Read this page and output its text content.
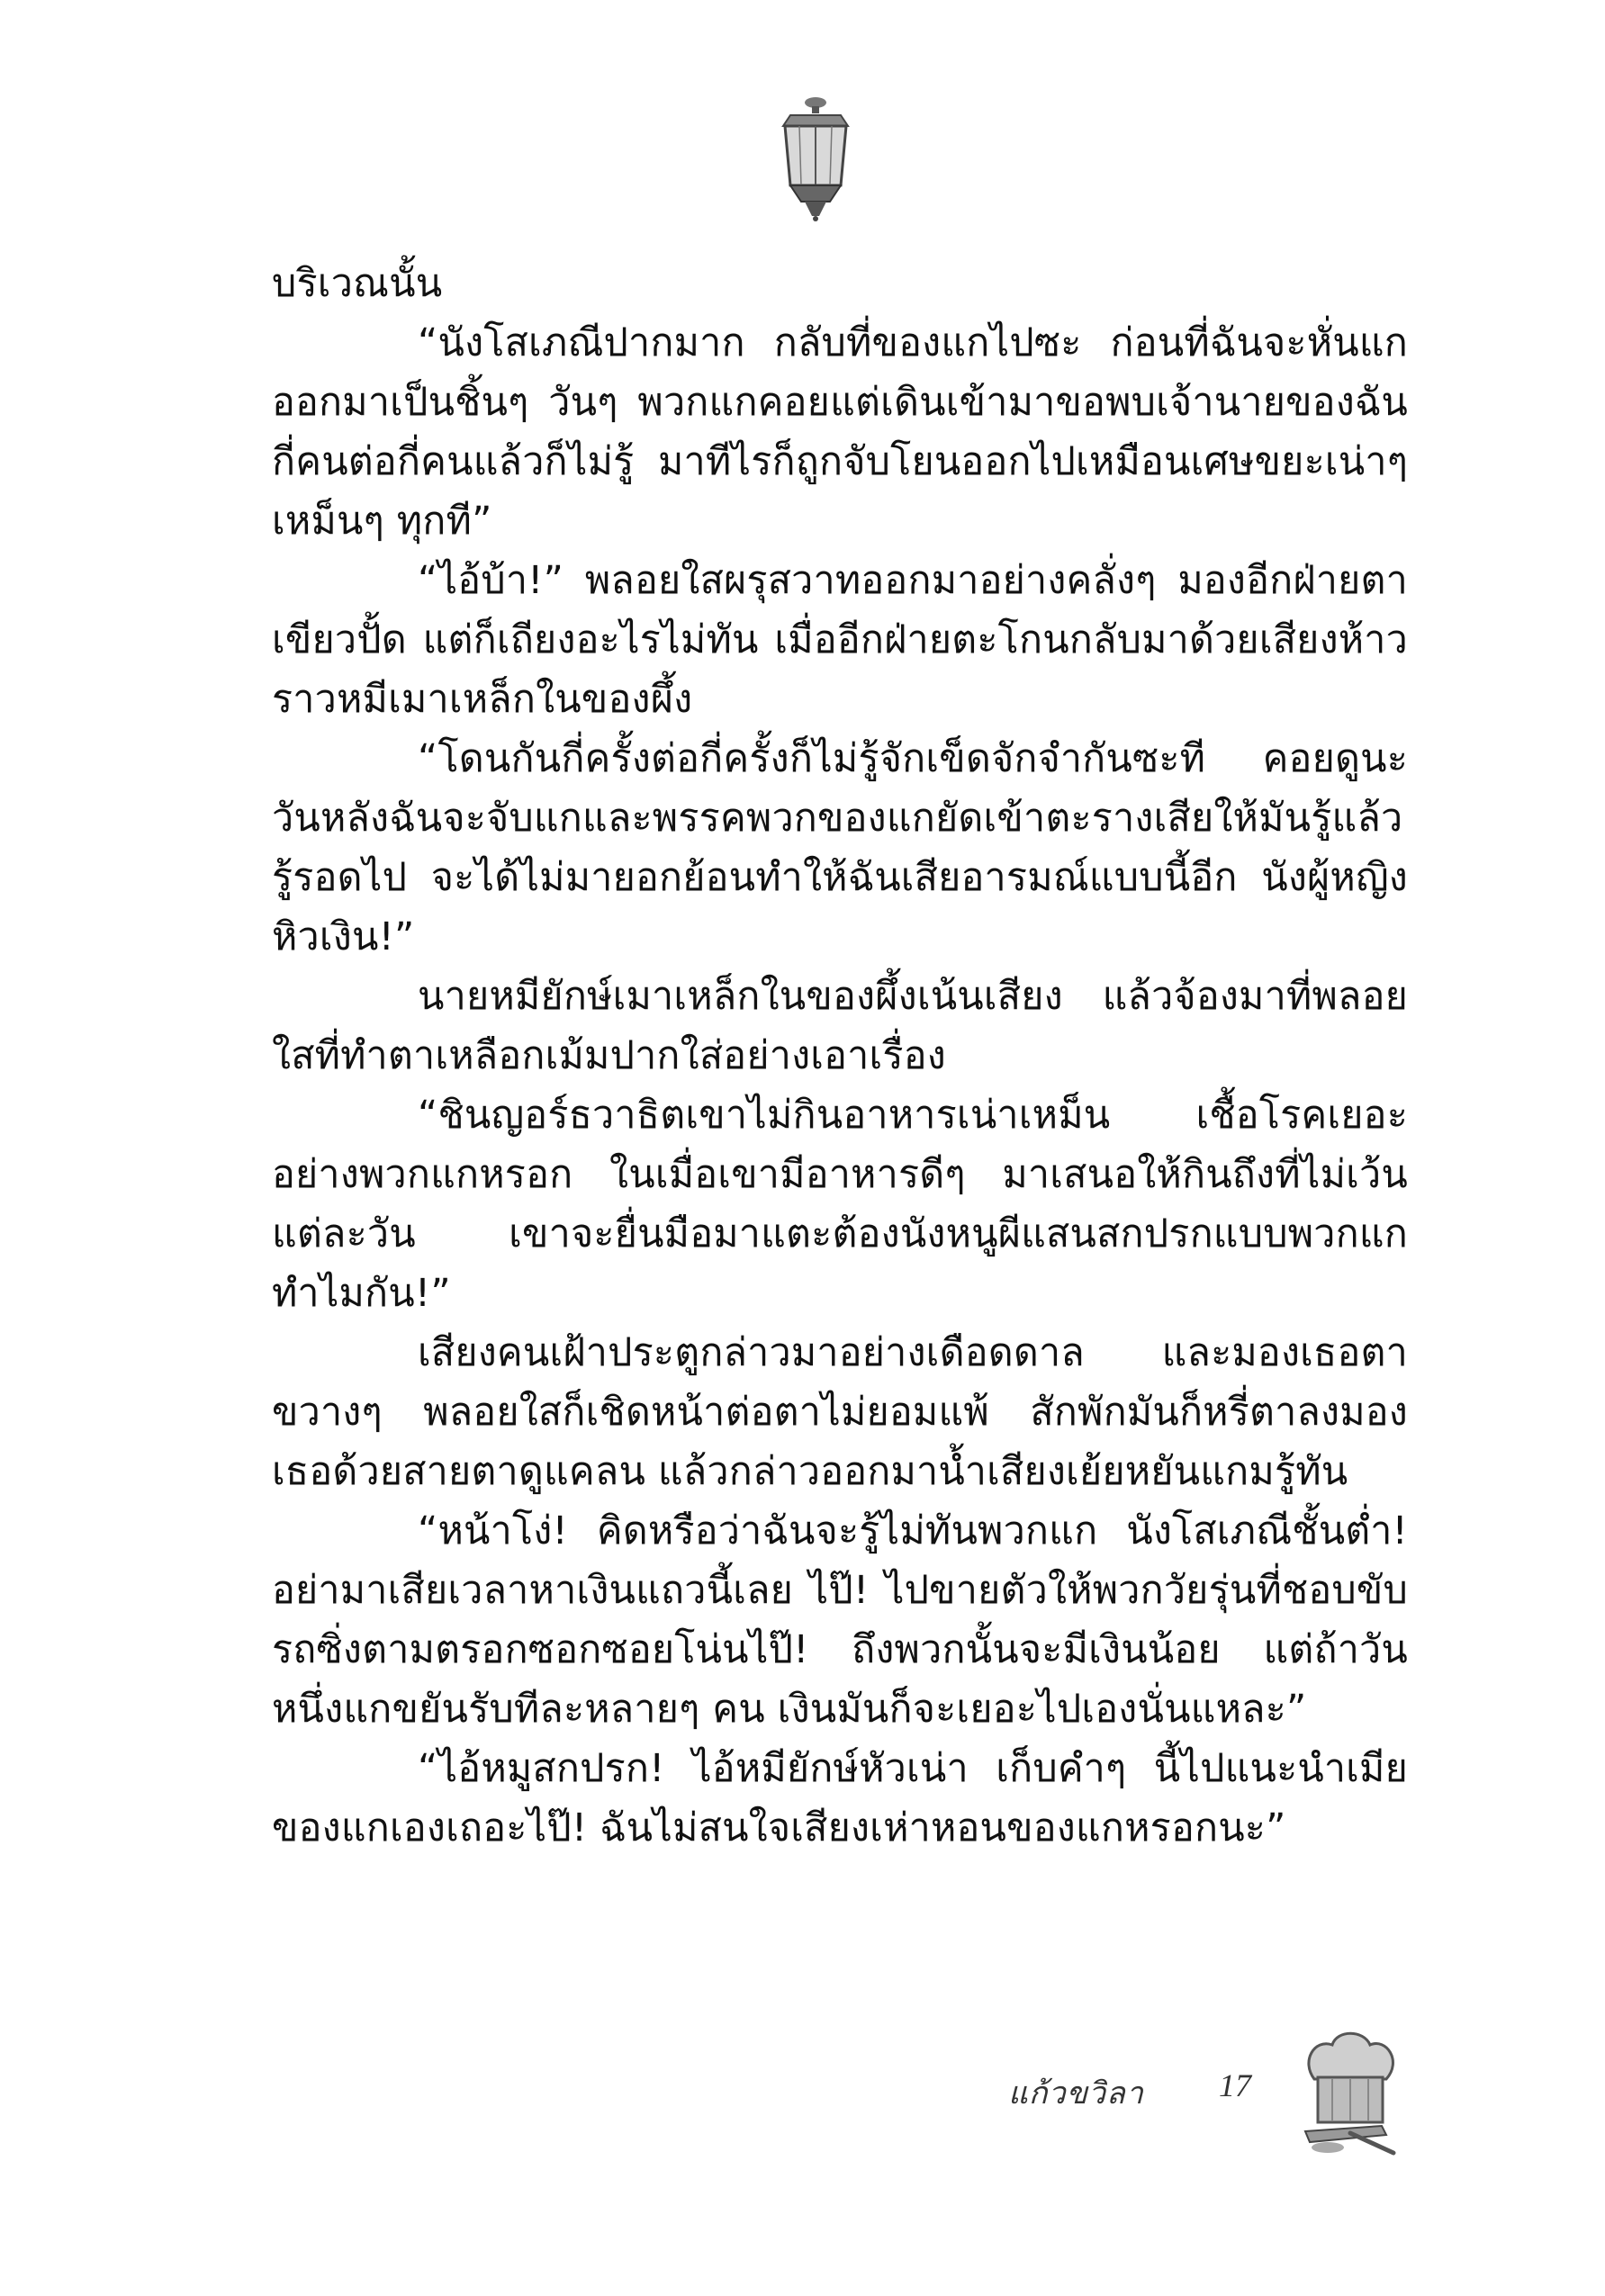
บริเวณนั้น

“นังโสเภณีปากมาก กลับที่ของแกไปซะ ก่อนที่ฉันจะหั่นแกออกมาเป็นชิ้นๆ วันๆ พวกแกคอยแต่เดินเข้ามาขอพบเจ้านายของฉันกี่คนต่อกี่คนแล้วก็ไม่รู้ มาทีไรก็ถูกจับโยนออกไปเหมือนเศษขยะเน่าๆ เหม็นๆ ทุกที”

“ไอ้บ้า!” พลอยใสผรุสวาทออกมาอย่างคลั่งๆ มองอีกฝ่ายตาเขียวปั้ด แต่ก็เถียงอะไรไม่ทัน เมื่ออีกฝ่ายตะโกนกลับมาด้วยเสียงห้าวราวหมีเมาเหล็กในของผึ้ง

“โดนกันกี่ครั้งต่อกี่ครั้งก็ไม่รู้จักเข็ดจักจำกันซะที คอยดูนะวันหลังฉันจะจับแกและพรรคพวกของแกยัดเข้าตะรางเสียให้มันรู้แล้วรู้รอดไป จะได้ไม่มายอกย้อนทำให้ฉันเสียอารมณ์แบบนี้อีก นังผู้หญิงหิวเงิน!”

นายหมียักษ์เมาเหล็กในของผึ้งเน้นเสียง แล้วจ้องมาที่พลอยใสที่ทำตาเหลือกเม้มปากใส่อย่างเอาเรื่อง

“ชินญอร์ธวาธิตเขาไม่กินอาหารเน่าเหม็น เชื้อโรคเยอะอย่างพวกแกหรอก ในเมื่อเขามีอาหารดีๆ มาเสนอให้กินถึงที่ไม่เว้นแต่ละวัน เขาจะยื่นมือมาแตะต้องนังหนูผีแสนสกปรกแบบพวกแกทำไมกัน!”

เสียงคนเฝ้าประตูกล่าวมาอย่างเดือดดาล และมองเธอตาขวางๆ พลอยใสก็เชิดหน้าต่อตาไม่ยอมแพ้ สักพักมันก็หรี่ตาลงมองเธอด้วยสายตาดูแคลน แล้วกล่าวออกมาน้ำเสียงเย้ยหยันแกมรู้ทัน

“หน้าโง่! คิดหรือว่าฉันจะรู้ไม่ทันพวกแก นังโสเภณีชั้นต่ำ! อย่ามาเสียเวลาหาเงินแถวนี้เลย ไป๊! ไปขายตัวให้พวกวัยรุ่นที่ชอบขับรถซิ่งตามตรอกซอกซอยโน่นไป๊! ถึงพวกนั้นจะมีเงินน้อย แต่ถ้าวันหนึ่งแกขยันรับทีละหลายๆ คน เงินมันก็จะเยอะไปเองนั่นแหละ”

“ไอ้หมูสกปรก! ไอ้หมียักษ์หัวเน่า เก็บคำๆ นี้ไปแนะนำเมียของแกเองเถอะไป๊! ฉันไม่สนใจเสียงเห่าหอนของแกหรอกนะ”

แก้วขวิลา 17
